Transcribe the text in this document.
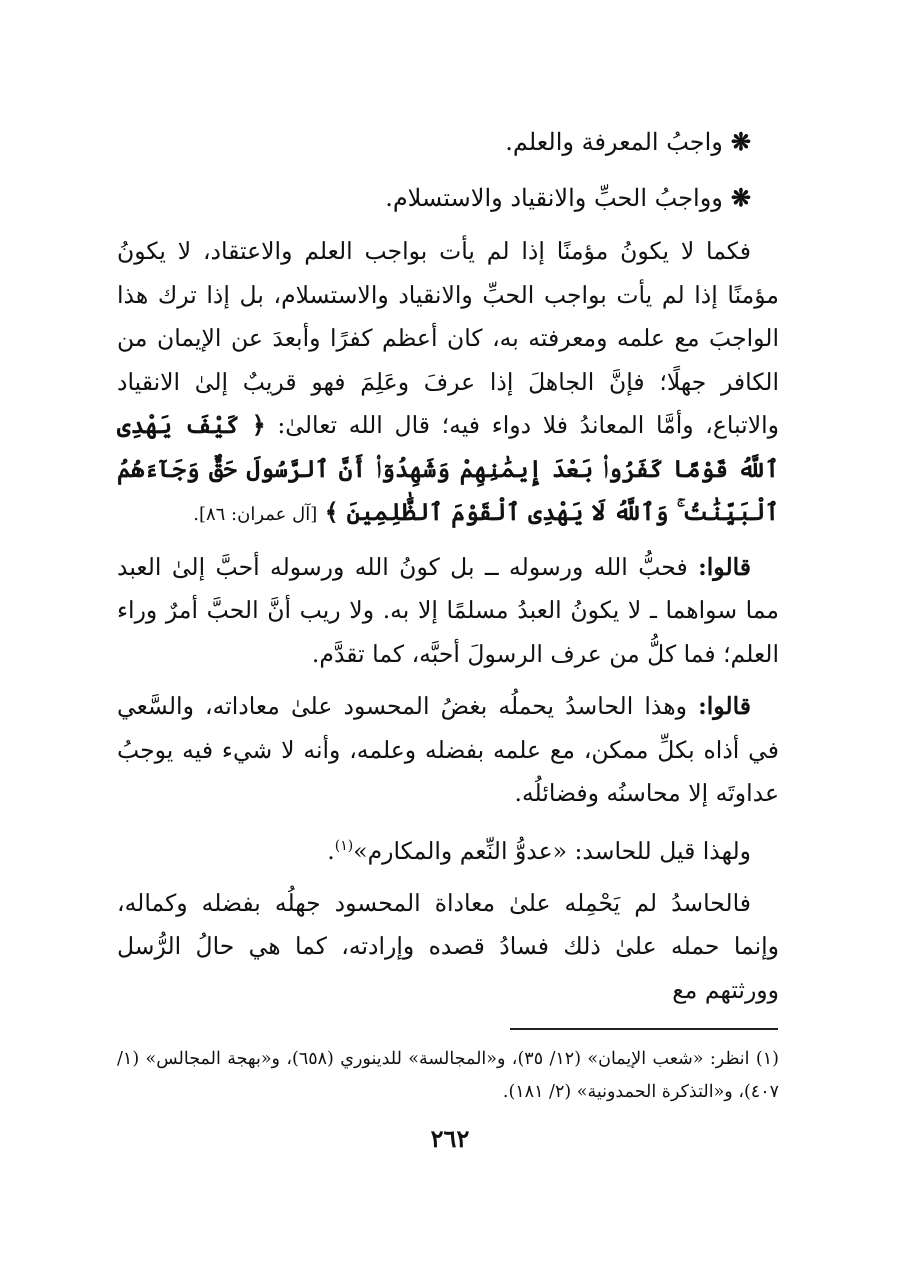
❋واجبُ المعرفة والعلم.
❋وواجبُ الحبِّ والانقياد والاستسلام.

فكما لا يكونُ مؤمنًا إذا لم يأت بواجب العلم والاعتقاد، لا يكونُ مؤمنًا إذا لم يأت بواجب الحبِّ والانقياد والاستسلام، بل إذا ترك هذا الواجبَ مع علمه ومعرفته به، كان أعظم كفرًا وأبعدَ عن الإيمان من الكافر جهلًا؛ فإنَّ الجاهلَ إذا عرفَ وعَلِمَ فهو قريبٌ إلىٰ الانقياد والاتباع، وأمَّا المعاندُ فلا دواء فيه؛ قال الله تعالىٰ: ﴿ كَيْفَ يَهْدِى ٱللَّهُ قَوْمًا كَفَرُوا۟ بَعْدَ إِيمَٰنِهِمْ وَشَهِدُوٓا۟ أَنَّ ٱلرَّسُولَ حَقٌّ وَجَآءَهُمُ ٱلْبَيِّنَٰتُ ۚ وَٱللَّهُ لَا يَهْدِى ٱلْقَوْمَ ٱلظَّٰلِمِينَ ﴾ [آل عمران: ٨٦].

قالوا: فحبُّ الله ورسوله ــ بل كونُ الله ورسوله أحبَّ إلىٰ العبد مما سواهما ـ لا يكونُ العبدُ مسلمًا إلا به. ولا ريب أنَّ الحبَّ أمرٌ وراء العلم؛ فما كلُّ من عرف الرسولَ أحبَّه، كما تقدَّم.

قالوا: وهذا الحاسدُ يحملُه بغضُ المحسود علىٰ معاداته، والسَّعي في أذاه بكلِّ ممكن، مع علمه بفضله وعلمه، وأنه لا شيء فيه يوجبُ عداوتَه إلا محاسنُه وفضائلُه.

ولهذا قيل للحاسد: «عدوُّ النِّعم والمكارم»$^{(١)}$.

فالحاسدُ لم يَحْمِله علىٰ معاداة المحسود جهلُه بفضله وكماله، وإنما حمله علىٰ ذلك فسادُ قصده وإرادته، كما هي حالُ الرُّسل وورثتهم مع

(١) انظر: «شعب الإيمان» (١٢/ ٣٥)، و«المجالسة» للدينوري (٦٥٨)، و«بهجة المجالس» (١/ ٤٠٧)، و«التذكرة الحمدونية» (٢/ ١٨١).
٢٦٢
